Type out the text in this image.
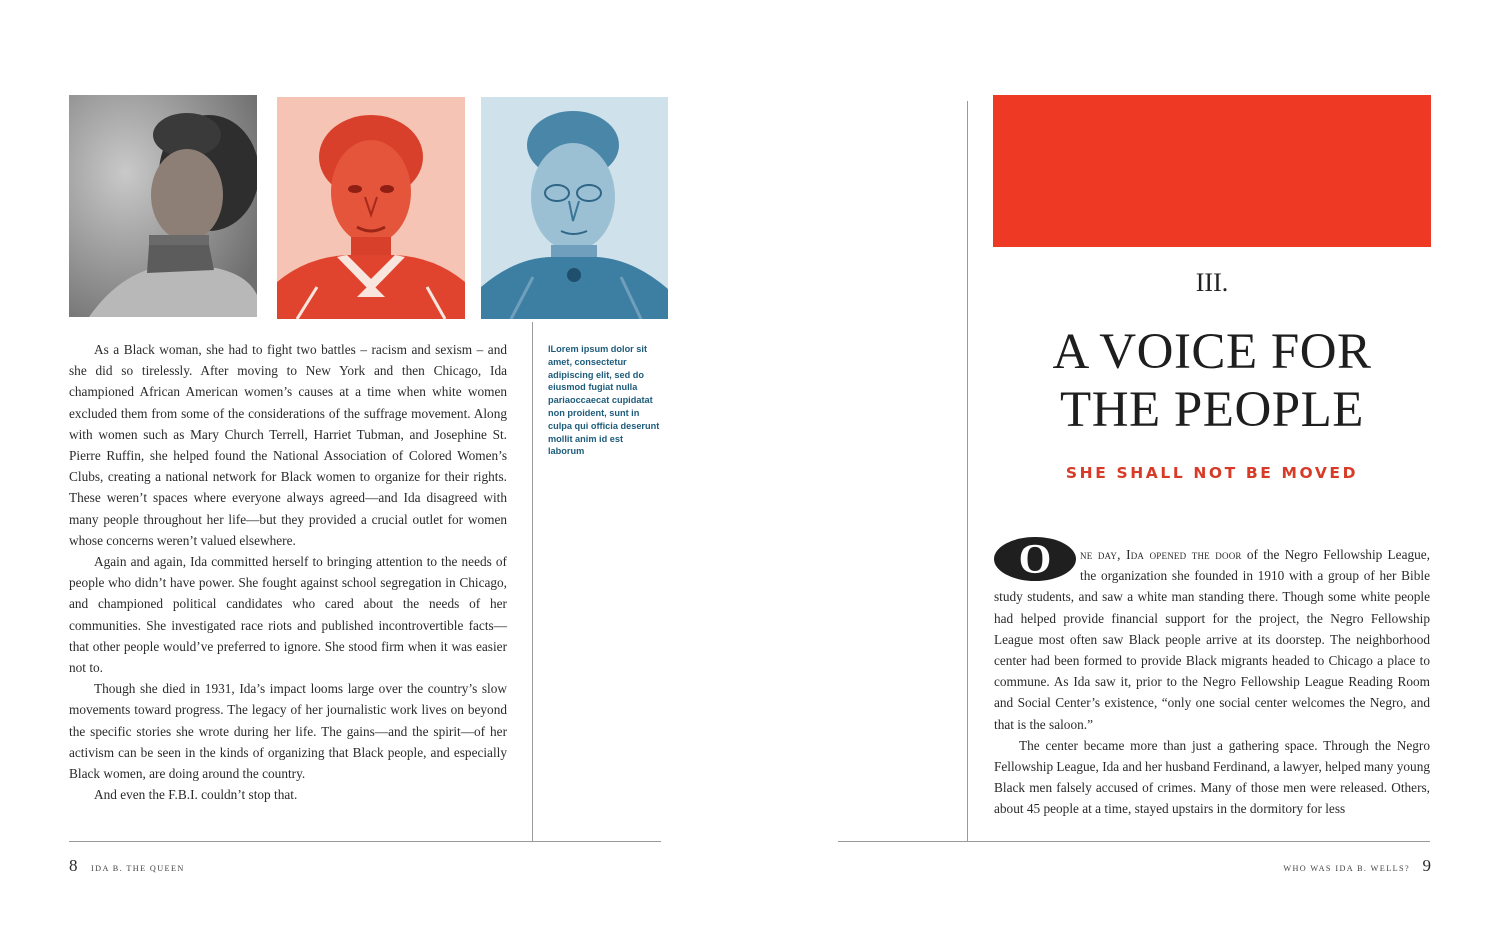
As a Black woman, she had to fight two battles – racism and sexism – and she did so tirelessly. After moving to New York and then Chicago, Ida championed African American women’s causes at a time when white women excluded them from some of the considerations of the suffrage movement. Along with women such as Mary Church Terrell, Harriet Tubman, and Josephine St. Pierre Ruffin, she helped found the National Association of Colored Women’s Clubs, creating a national network for Black women to organize for their rights. These weren’t spaces where everyone always agreed—and Ida disagreed with many people throughout her life—but they provided a crucial outlet for women whose concerns weren’t valued elsewhere.

Again and again, Ida committed herself to bringing attention to the needs of people who didn’t have power. She fought against school segregation in Chicago, and championed political candidates who cared about the needs of her communities. She investigated race riots and published incontrovertible facts—that other people would’ve preferred to ignore. She stood firm when it was easier not to.

Though she died in 1931, Ida’s impact looms large over the country’s slow movements toward progress. The legacy of her journalistic work lives on beyond the specific stories she wrote during her life. The gains—and the spirit—of her activism can be seen in the kinds of organizing that Black people, and especially Black women, are doing around the country.

And even the F.B.I. couldn’t stop that.

lLorem ipsum dolor sit amet, consectetur adipiscing elit, sed do eiusmod fugiat nulla pariaoccaecat cupidatat non proident, sunt in culpa qui officia deserunt mollit anim id est laborum
8 IDA B. THE QUEEN
III.
A VOICE FOR
THE PEOPLE
SHE SHALL NOT BE MOVED
O	ne day, Ida opened the door of the Negro Fellowship League, the organization she founded in 1910 with a group of her Bible study students, and saw a white man standing there. Though some white people had helped provide financial support for the project, the Negro Fellowship League most often saw Black people arrive at its doorstep. The neighborhood center had been formed to provide Black migrants headed to Chicago a place to commune. As Ida saw it, prior to the Negro Fellowship League Reading Room and Social Center’s existence, “only one social center welcomes the Negro, and that is the saloon.”

The center became more than just a gathering space. Through the Negro Fellowship League, Ida and her husband Ferdinand, a lawyer, helped many young Black men falsely accused of crimes. Many of those men were released. Others, about 45 people at a time, stayed upstairs in the dormitory for less

WHO WAS IDA B. WELLS? 9
